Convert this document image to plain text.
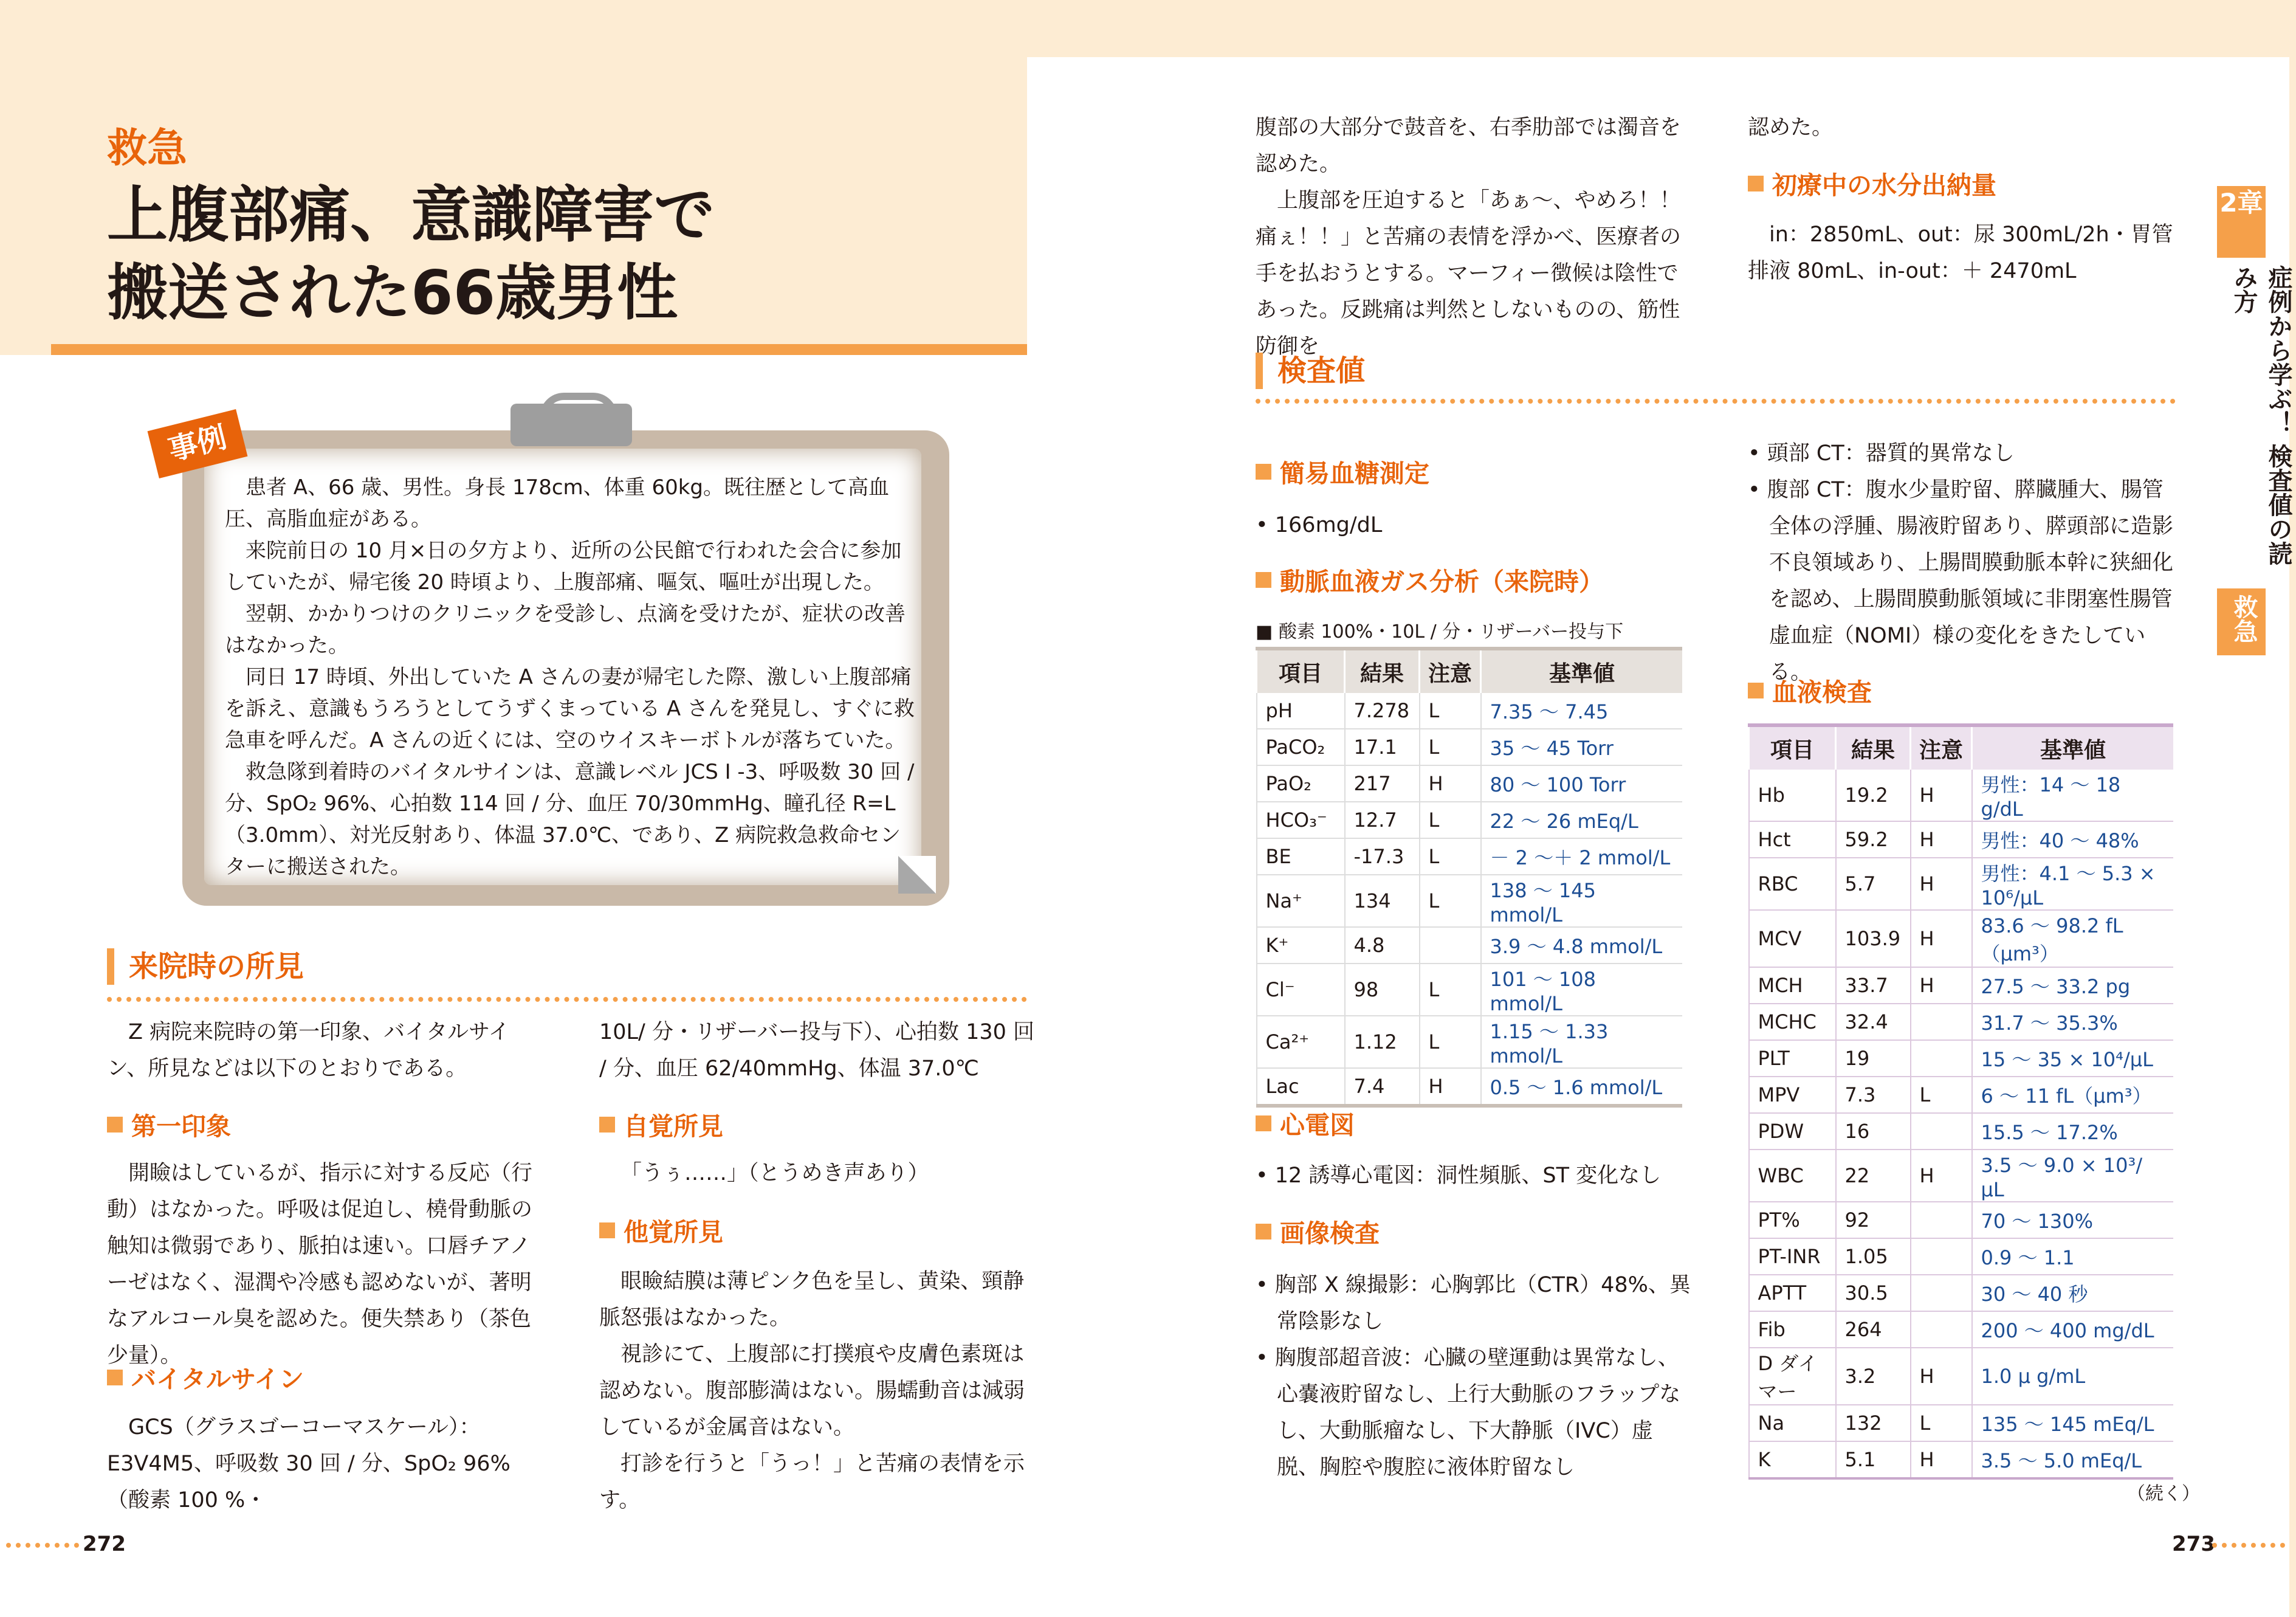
救急
上腹部痛、意識障害で
搬送された66歳男性
事例

患者 A、66 歳、男性。身長 178cm、体重 60kg。既往歴として高血圧、高脂血症がある。

来院前日の 10 月×日の夕方より、近所の公民館で行われた会合に参加していたが、帰宅後 20 時頃より、上腹部痛、嘔気、嘔吐が出現した。

翌朝、かかりつけのクリニックを受診し、点滴を受けたが、症状の改善はなかった。

同日 17 時頃、外出していた A さんの妻が帰宅した際、激しい上腹部痛を訴え、意識もうろうとしてうずくまっている A さんを発見し、すぐに救急車を呼んだ。A さんの近くには、空のウイスキーボトルが落ちていた。

救急隊到着時のバイタルサインは、意識レベル JCS Ⅰ -3、呼吸数 30 回 / 分、SpO₂ 96%、心拍数 114 回 / 分、血圧 70/30mmHg、瞳孔径 R=L（3.0mm）、対光反射あり、体温 37.0℃、であり、Z 病院救急救命センターに搬送された。

来院時の所見

Z 病院来院時の第一印象、バイタルサイン、所見などは以下のとおりである。

第一印象

開瞼はしているが、指示に対する反応（行動）はなかった。呼吸は促迫し、橈骨動脈の触知は微弱であり、脈拍は速い。口唇チアノーゼはなく、湿潤や冷感も認めないが、著明なアルコール臭を認めた。便失禁あり（茶色少量）。

バイタルサイン

GCS（グラスゴーコーマスケール）：E3V4M5、呼吸数 30 回 / 分、SpO₂ 96%（酸素 100 %・

10L/ 分・リザーバー投与下）、心拍数 130 回 / 分、血圧 62/40mmHg、体温 37.0℃

自覚所見

「うぅ……」（とうめき声あり）

他覚所見

眼瞼結膜は薄ピンク色を呈し、黄染、頸静脈怒張はなかった。

視診にて、上腹部に打撲痕や皮膚色素斑は認めない。腹部膨満はない。腸蠕動音は減弱しているが金属音はない。

打診を行うと「うっ！」と苦痛の表情を示す。

腹部の大部分で鼓音を、右季肋部では濁音を認めた。

上腹部を圧迫すると「あぁ～、やめろ！！痛ぇ！！」と苦痛の表情を浮かべ、医療者の手を払おうとする。マーフィー徴候は陰性であった。反跳痛は判然としないものの、筋性防御を

認めた。

初療中の水分出納量

in：2850mL、out：尿 300mL/2h・胃管排液 80mL、in-out：＋ 2470mL

検査値
簡易血糖測定
• 166mg/dL
動脈血液ガス分析（来院時）
■ 酸素 100%・10L / 分・リザーバー投与下
項目	結果	注意	基準値
pH	7.278	L	7.35 ～ 7.45
PaCO₂	17.1	L	35 ～ 45 Torr
PaO₂	217	H	80 ～ 100 Torr
HCO₃⁻	12.7	L	22 ～ 26 mEq/L
BE	-17.3	L	－ 2 ～＋ 2 mmol/L
Na⁺	134	L	138 ～ 145 mmol/L
K⁺	4.8		3.9 ～ 4.8 mmol/L
Cl⁻	98	L	101 ～ 108 mmol/L
Ca²⁺	1.12	L	1.15 ～ 1.33 mmol/L
Lac	7.4	H	0.5 ～ 1.6 mmol/L
心電図
• 12 誘導心電図：洞性頻脈、ST 変化なし
画像検査

• 胸部 X 線撮影：心胸郭比（CTR）48%、異常陰影なし

• 胸腹部超音波：心臓の壁運動は異常なし、心嚢液貯留なし、上行大動脈のフラップなし、大動脈瘤なし、下大静脈（IVC）虚脱、胸腔や腹腔に液体貯留なし

• 頭部 CT：器質的異常なし

• 腹部 CT：腹水少量貯留、膵臓腫大、腸管全体の浮腫、腸液貯留あり、膵頭部に造影不良領域あり、上腸間膜動脈本幹に狭細化を認め、上腸間膜動脈領域に非閉塞性腸管虚血症（NOMI）様の変化をきたしている。

血液検査
項目	結果	注意	基準値
Hb	19.2	H	男性：14 ～ 18 g/dL
Hct	59.2	H	男性：40 ～ 48%
RBC	5.7	H	男性：4.1 ～ 5.3 × 10⁶/μL
MCV	103.9	H	83.6 ～ 98.2 fL（μm³）
MCH	33.7	H	27.5 ～ 33.2 pg
MCHC	32.4		31.7 ～ 35.3%
PLT	19		15 ～ 35 × 10⁴/μL
MPV	7.3	L	6 ～ 11 fL（μm³）
PDW	16		15.5 ～ 17.2%
WBC	22	H	3.5 ～ 9.0 × 10³/μL
PT%	92		70 ～ 130%
PT-INR	1.05		0.9 ～ 1.1
APTT	30.5		30 ～ 40 秒
Fib	264		200 ～ 400 mg/dL
D ダイマー	3.2	H	1.0 μ g/mL
Na	132	L	135 ～ 145 mEq/L
K	5.1	H	3.5 ～ 5.0 mEq/L
（続く）
2章
症例から学ぶ！ 検査値の読み方
救急
272	273
